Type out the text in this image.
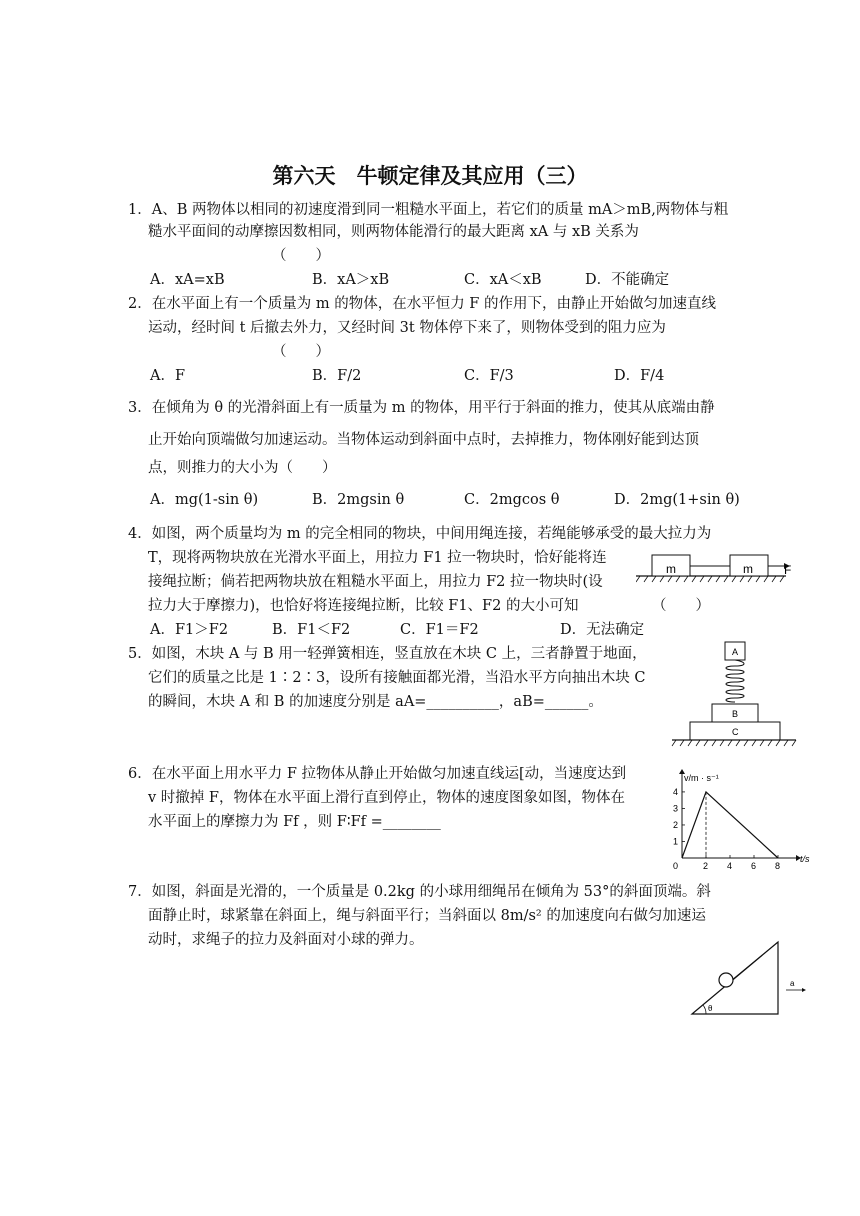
第六天　牛顿定律及其应用（三）
1．A、B 两物体以相同的初速度滑到同一粗糙水平面上，若它们的质量 mA＞mB,两物体与粗
糙水平面间的动摩擦因数相同，则两物体能滑行的最大距离 xA 与 xB 关系为
（　　）
A．xA=xB	B．xA＞xB	C．xA＜xB	D．不能确定
2．在水平面上有一个质量为 m 的物体，在水平恒力 F 的作用下，由静止开始做匀加速直线
运动，经时间 t 后撤去外力，又经时间 3t 物体停下来了，则物体受到的阻力应为
（　　）
A．F	B．F/2	C．F/3	D．F/4
3．在倾角为 θ 的光滑斜面上有一质量为 m 的物体，用平行于斜面的推力，使其从底端由静
止开始向顶端做匀加速运动。当物体运动到斜面中点时，去掉推力，物体刚好能到达顶
点，则推力的大小为（　　）
A．mg(1-sin θ)	B．2mgsin θ	C．2mgcos θ	D．2mg(1+sin θ)
4．如图，两个质量均为 m 的完全相同的物块，中间用绳连接，若绳能够承受的最大拉力为
T，现将两物块放在光滑水平面上，用拉力 F1 拉一物块时，恰好能将连
接绳拉断；倘若把两物块放在粗糙水平面上，用拉力 F2 拉一物块时(设
拉力大于摩擦力)，也恰好将连接绳拉断，比较 F1、F2 的大小可知	（　　）
A．F1＞F2	B．F1＜F2	C．F1＝F2	D．无法确定
m	m	F
5．如图，木块 A 与 B 用一轻弹簧相连，竖直放在木块 C 上，三者静置于地面，
它们的质量之比是 1∶2∶3，设所有接触面都光滑，当沿水平方向抽出木块 C
的瞬间，木块 A 和 B 的加速度分别是 aA=__________，aB=______。
A
B
C
6．在水平面上用水平力 F 拉物体从静止开始做匀加速直线运[动，当速度达到
v 时撤掉 F，物体在水平面上滑行直到停止，物体的速度图象如图，物体在
水平面上的摩擦力为 Ff ，则 F∶Ff =________
v/m · s⁻¹
t/s
0	2 4 6 8
1
2
3
4
7．如图，斜面是光滑的，一个质量是 0.2kg 的小球用细绳吊在倾角为 53°的斜面顶端。斜
面静止时，球紧靠在斜面上，绳与斜面平行；当斜面以 8m/s² 的加速度向右做匀加速运
动时，求绳子的拉力及斜面对小球的弹力。
θ
a
